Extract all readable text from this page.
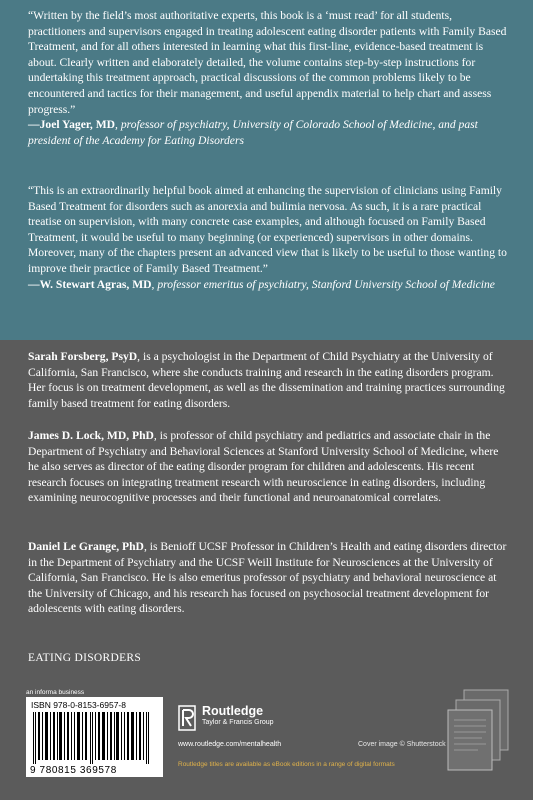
“Written by the field’s most authoritative experts, this book is a ‘must read’ for all students, practitioners and supervisors engaged in treating adolescent eating disorder patients with Family Based Treatment, and for all others interested in learning what this first-line, evidence-based treatment is about. Clearly written and elaborately detailed, the volume contains step-by-step instructions for undertaking this treatment approach, practical discussions of the common problems likely to be encountered and tactics for their management, and useful appendix material to help chart and assess progress.”

—Joel Yager, MD, professor of psychiatry, University of Colorado School of Medicine, and past president of the Academy for Eating Disorders

“This is an extraordinarily helpful book aimed at enhancing the supervision of clinicians using Family Based Treatment for disorders such as anorexia and bulimia nervosa. As such, it is a rare practical treatise on supervision, with many concrete case examples, and although focused on Family Based Treatment, it would be useful to many beginning (or experienced) supervisors in other domains. Moreover, many of the chapters present an advanced view that is likely to be useful to those wanting to improve their practice of Family Based Treatment.”

—W. Stewart Agras, MD, professor emeritus of psychiatry, Stanford University School of Medicine

Sarah Forsberg, PsyD, is a psychologist in the Department of Child Psychiatry at the University of California, San Francisco, where she conducts training and research in the eating disorders program. Her focus is on treatment development, as well as the dissemination and training practices surrounding family based treatment for eating disorders.

James D. Lock, MD, PhD, is professor of child psychiatry and pediatrics and associate chair in the Department of Psychiatry and Behavioral Sciences at Stanford University School of Medicine, where he also serves as director of the eating disorder program for children and adolescents. His recent research focuses on integrating treatment research with neuroscience in eating disorders, including examining neurocognitive processes and their functional and neuroanatomical correlates.

Daniel Le Grange, PhD, is Benioff UCSF Professor in Children’s Health and eating disorders director in the Department of Psychiatry and the UCSF Weill Institute for Neurosciences at the University of California, San Francisco. He is also emeritus professor of psychiatry and behavioral neuroscience at the University of Chicago, and his research has focused on psychosocial treatment development for adolescents with eating disorders.

EATING DISORDERS
an informa business
ISBN 978-0-8153-6957-8
9 780815 369578
Routledge
Taylor & Francis Group
www.routledge.com/mentalhealth	Cover image © Shutterstock
Routledge titles are available as eBook editions in a range of digital formats
